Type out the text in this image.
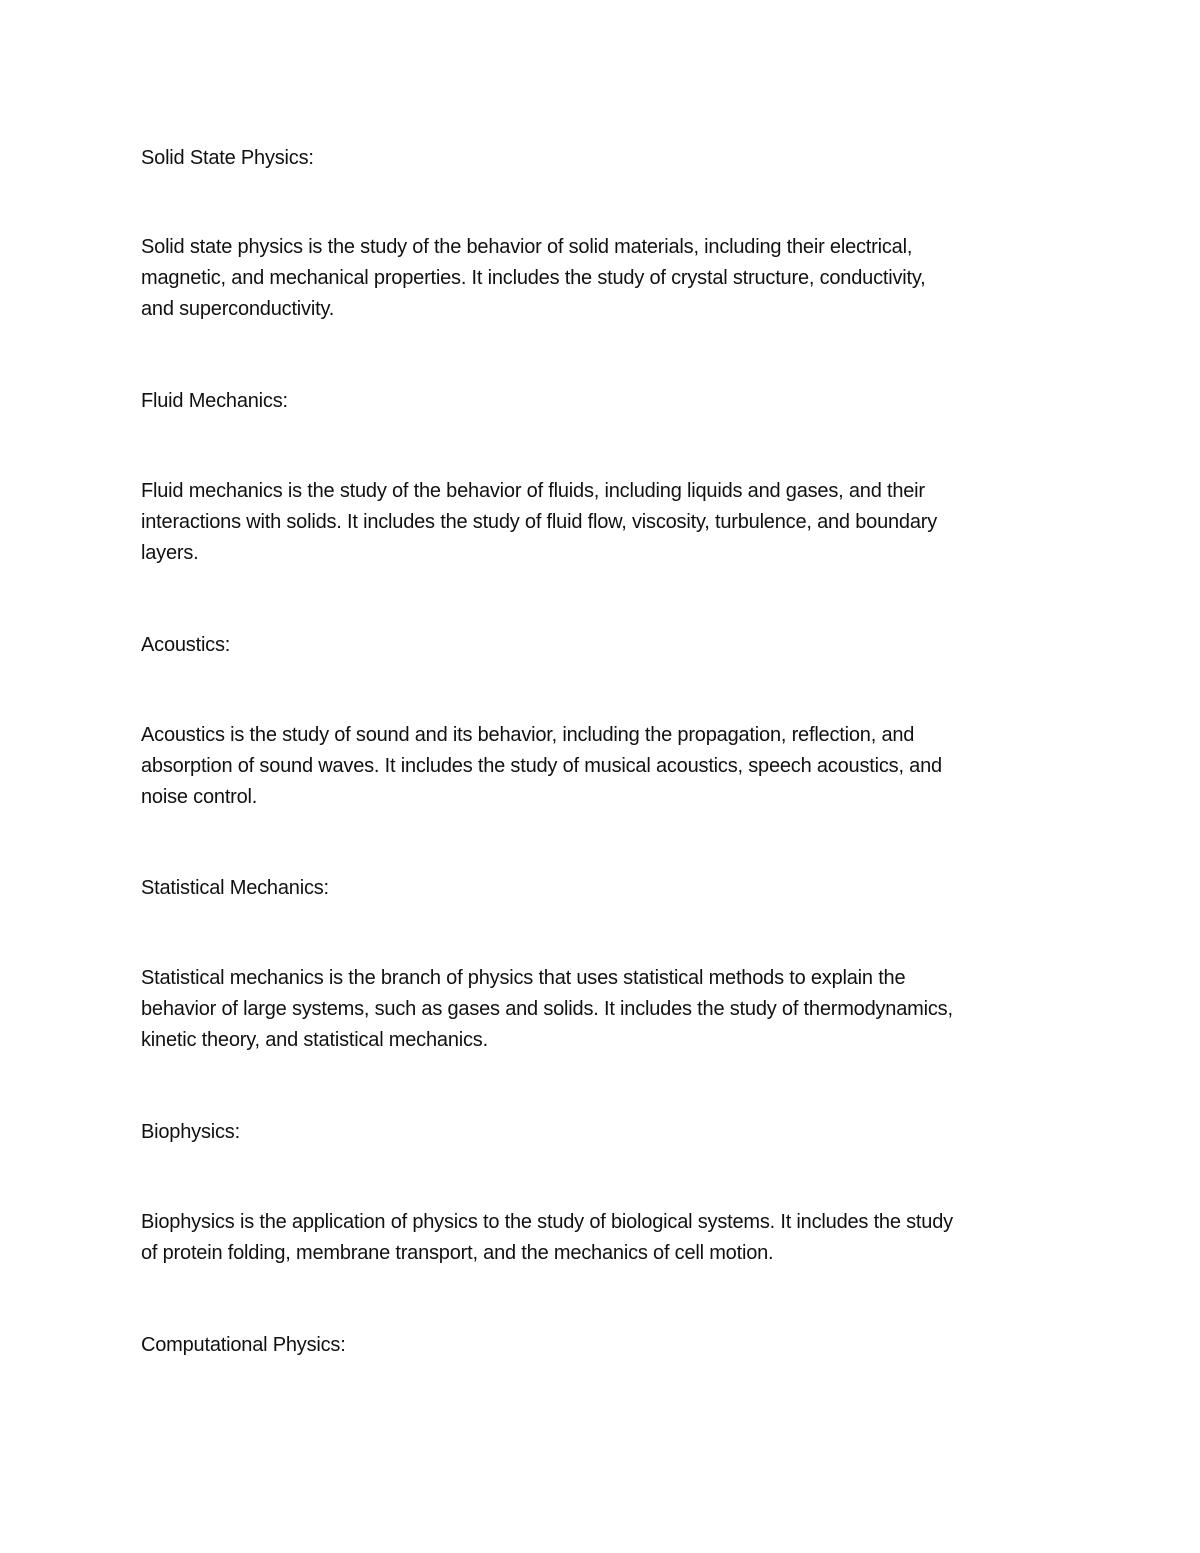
Solid State Physics:
Solid state physics is the study of the behavior of solid materials, including their electrical,
magnetic, and mechanical properties. It includes the study of crystal structure, conductivity,
and superconductivity.
Fluid Mechanics:
Fluid mechanics is the study of the behavior of fluids, including liquids and gases, and their
interactions with solids. It includes the study of fluid flow, viscosity, turbulence, and boundary
layers.
Acoustics:
Acoustics is the study of sound and its behavior, including the propagation, reflection, and
absorption of sound waves. It includes the study of musical acoustics, speech acoustics, and
noise control.
Statistical Mechanics:
Statistical mechanics is the branch of physics that uses statistical methods to explain the
behavior of large systems, such as gases and solids. It includes the study of thermodynamics,
kinetic theory, and statistical mechanics.
Biophysics:
Biophysics is the application of physics to the study of biological systems. It includes the study
of protein folding, membrane transport, and the mechanics of cell motion.
Computational Physics:
